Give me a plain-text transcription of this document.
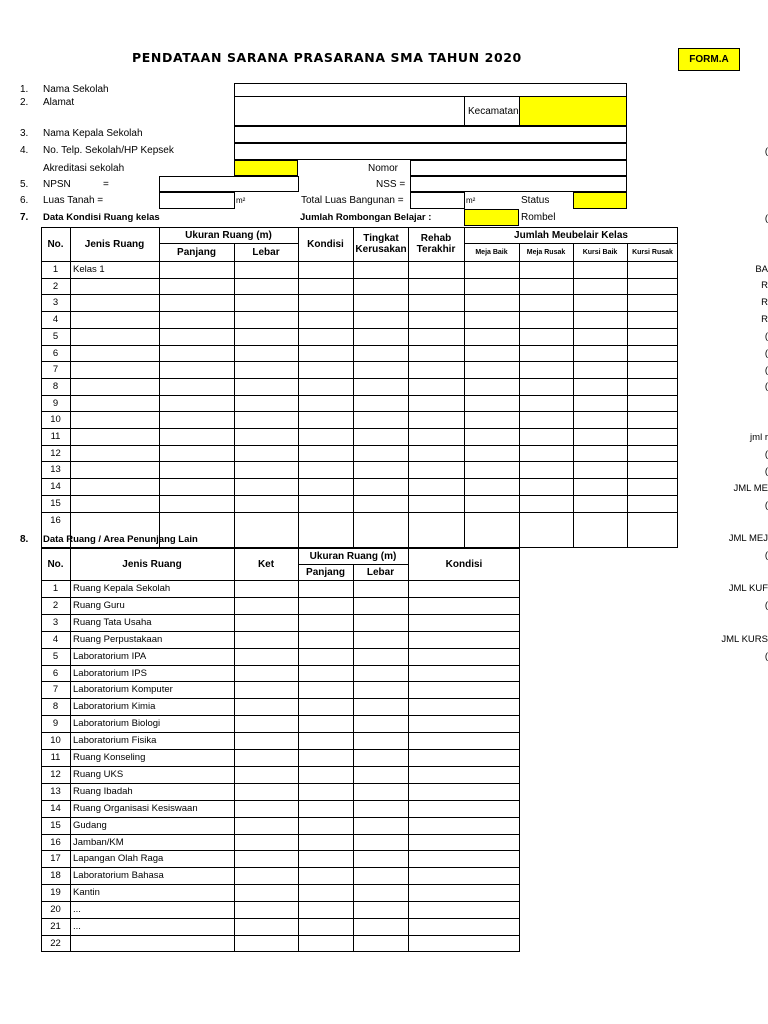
PENDATAAN SARANA PRASARANA SMA TAHUN 2020	FORM.A
1. Nama Sekolah
2. Alamat
Kecamatan
3. Nama Kepala Sekolah
4. No. Telp. Sekolah/HP Kepsek
Akreditasi sekolah	Nomor
5. NPSN	=	NSS =
6. Luas Tanah =	m²	Total Luas Bangunan =	m²	Status
7. Data Kondisi Ruang kelas	Jumlah Rombongan Belajar :	Rombel
No.	Jenis Ruang
Ukuran Ruang (m)
Panjang	Lebar
Kondisi	Tingkat Kerusakan
Rehab Terakhir
Jumlah Meubelair Kelas
Meja Baik	Meja Rusak	Kursi Baik	Kursi Rusak
1	Kelas 1
2
3
4
5
6
7
8
9
10
11
12
13
14
15
16
8. Data Ruang / Area Penunjang Lain
No.	Jenis Ruang	Ket
Ukuran Ruang (m)
Panjang	Lebar
Kondisi
1	Ruang Kepala Sekolah
2	Ruang Guru
3	Ruang Tata Usaha
4	Ruang Perpustakaan
5	Laboratorium IPA
6	Laboratorium IPS
7	Laboratorium Komputer
8	Laboratorium Kimia
9	Laboratorium Biologi
10	Laboratorium Fisika
11	Ruang Konseling
12	Ruang UKS
13	Ruang Ibadah
14	Ruang Organisasi Kesiswaan
15	Gudang
16	Jamban/KM
17	Lapangan Olah Raga
18	Laboratorium Bahasa
19	Kantin
20	...
21	...
22
(
(
BA
R
R
R
(
(
(
(
jml r
(
(
JML ME
(
JML MEJ
(
JML KUF
(
JML KURS
(
